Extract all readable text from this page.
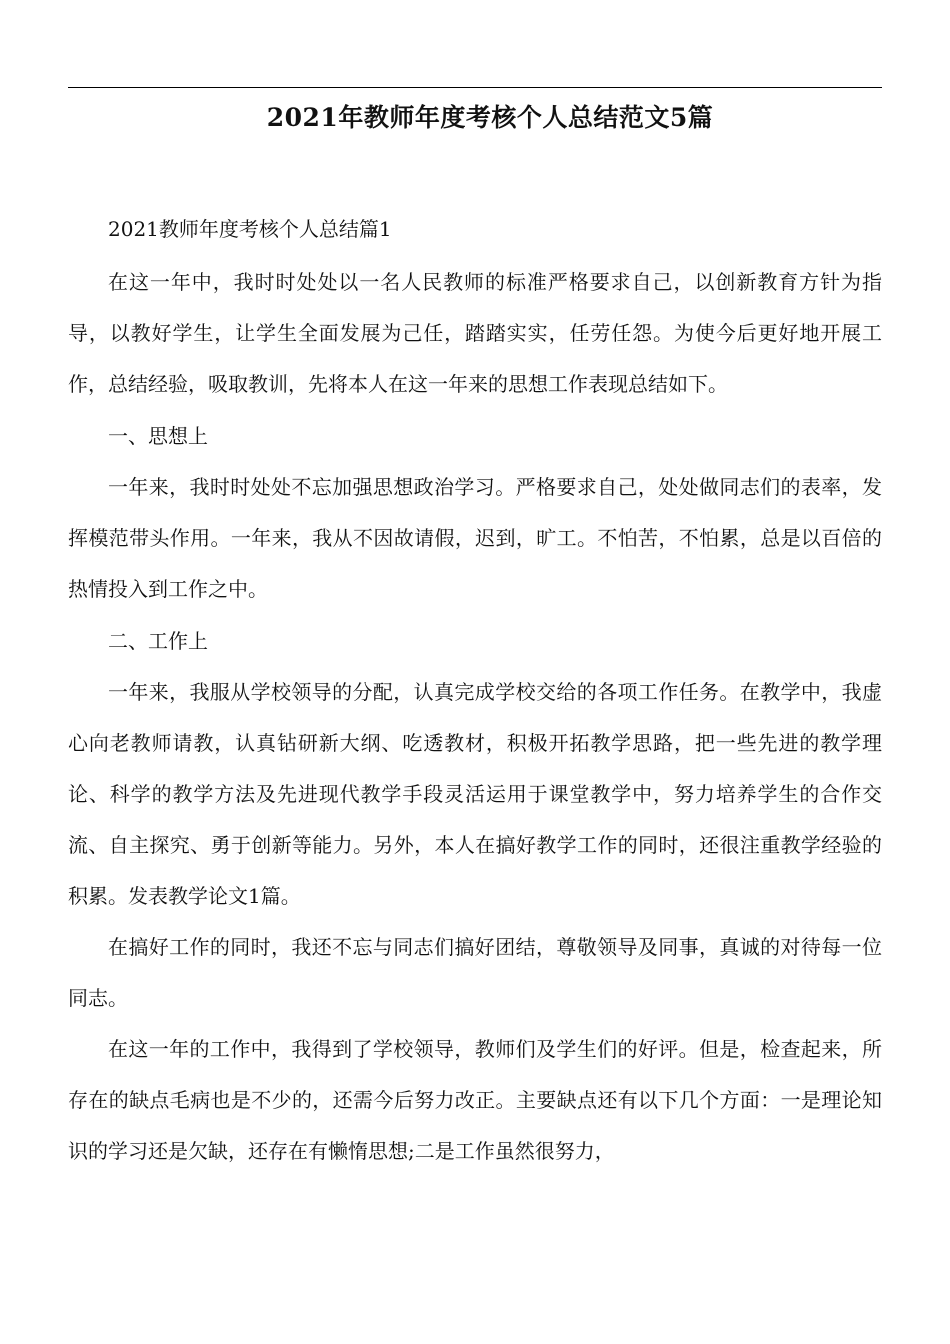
2021年教师年度考核个人总结范文5篇

2021教师年度考核个人总结篇1

在这一年中，我时时处处以一名人民教师的标准严格要求自己，以创新教育方针为指导，以教好学生，让学生全面发展为己任，踏踏实实，任劳任怨。为使今后更好地开展工作，总结经验，吸取教训，先将本人在这一年来的思想工作表现总结如下。

一、思想上

一年来，我时时处处不忘加强思想政治学习。严格要求自己，处处做同志们的表率，发挥模范带头作用。一年来，我从不因故请假，迟到，旷工。不怕苦，不怕累，总是以百倍的热情投入到工作之中。

二、工作上

一年来，我服从学校领导的分配，认真完成学校交给的各项工作任务。在教学中，我虚心向老教师请教，认真钻研新大纲、吃透教材，积极开拓教学思路，把一些先进的教学理论、科学的教学方法及先进现代教学手段灵活运用于课堂教学中，努力培养学生的合作交流、自主探究、勇于创新等能力。另外，本人在搞好教学工作的同时，还很注重教学经验的积累。发表教学论文1篇。

在搞好工作的同时，我还不忘与同志们搞好团结，尊敬领导及同事，真诚的对待每一位同志。

在这一年的工作中，我得到了学校领导，教师们及学生们的好评。但是，检查起来，所存在的缺点毛病也是不少的，还需今后努力改正。主要缺点还有以下几个方面：一是理论知识的学习还是欠缺，还存在有懒惰思想;二是工作虽然很努力，
